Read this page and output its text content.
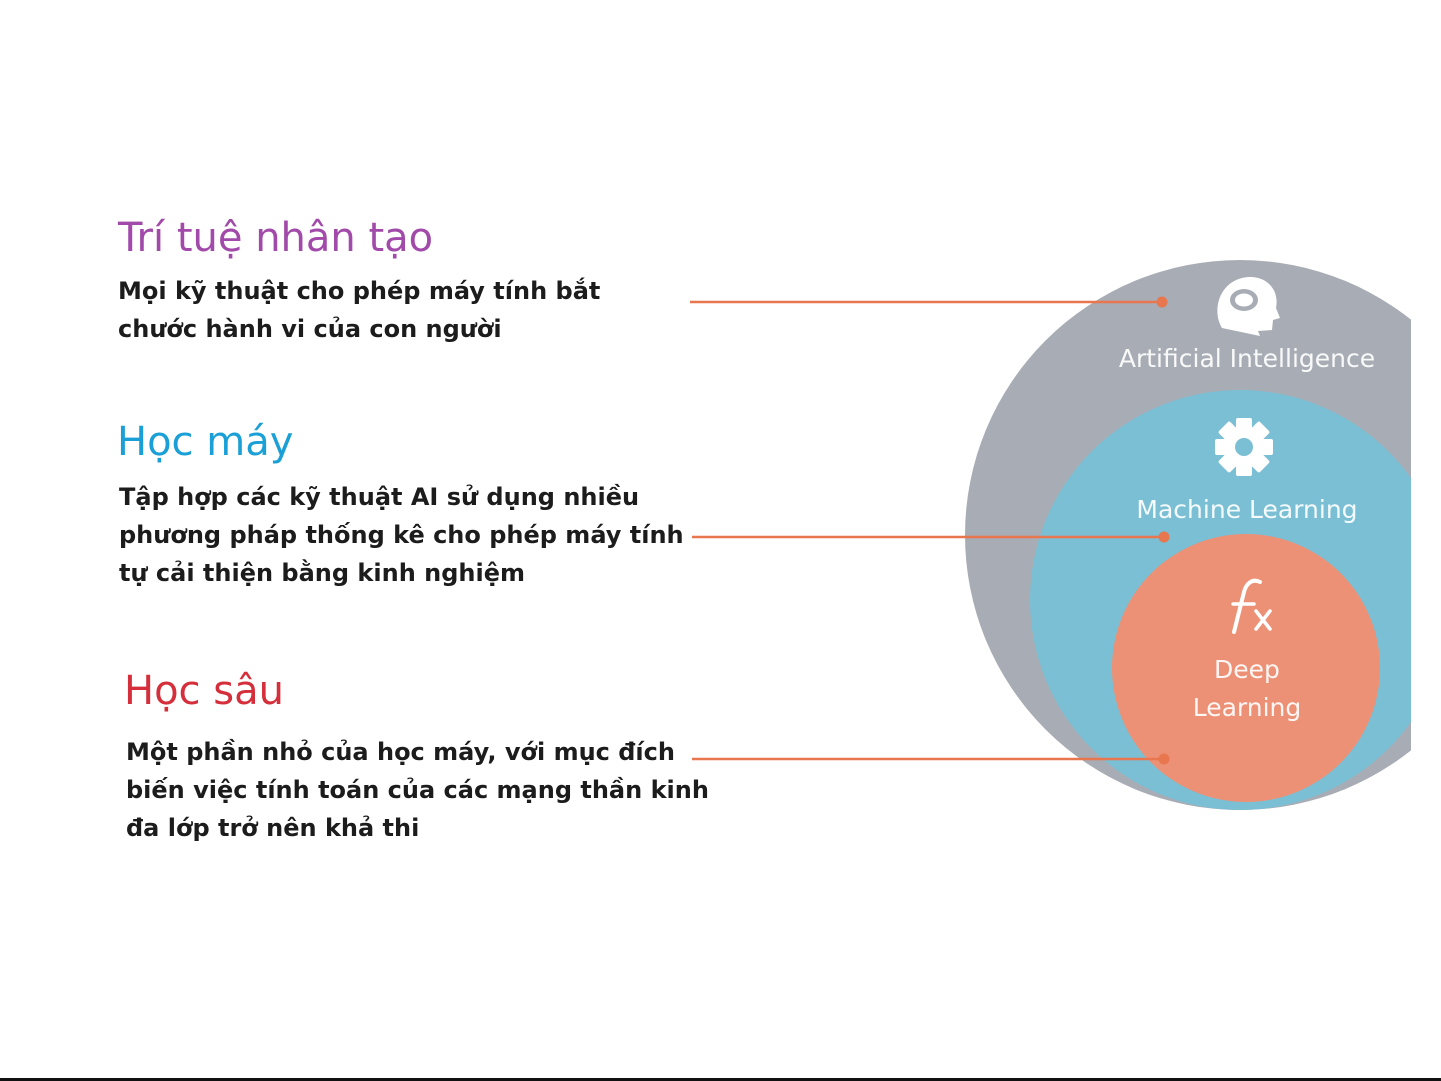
Trí tuệ nhân tạo

Mọi kỹ thuật cho phép máy tính bắt
chước hành vi của con người

Học máy

Tập hợp các kỹ thuật AI sử dụng nhiều
phương pháp thống kê cho phép máy tính
tự cải thiện bằng kinh nghiệm

Học sâu

Một phần nhỏ của học máy, với mục đích
biến việc tính toán của các mạng thần kinh
đa lớp trở nên khả thi

Artificial Intelligence
Machine Learning
Deep
Learning
